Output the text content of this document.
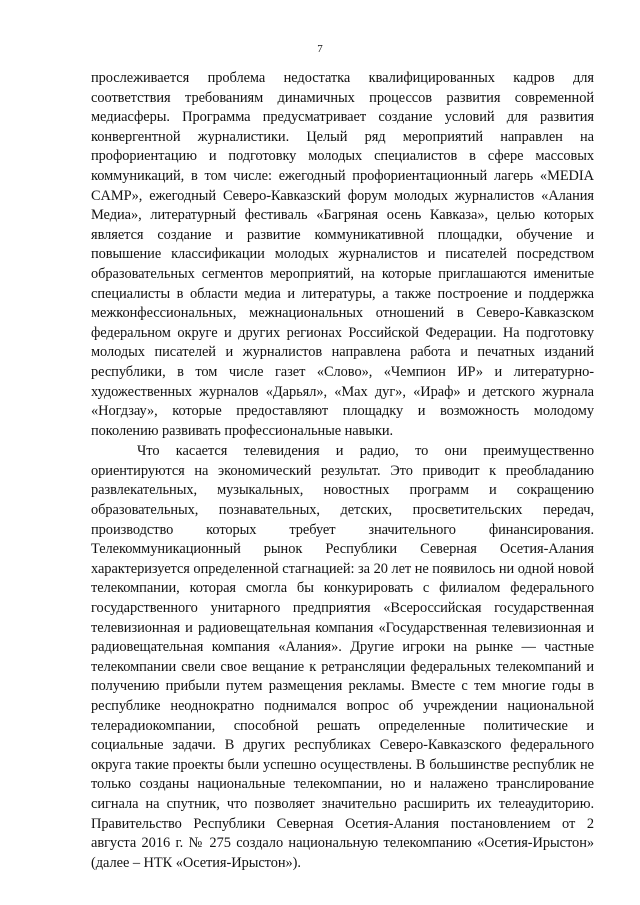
7

прослеживается проблема недостатка квалифицированных кадров для соответствия требованиям динамичных процессов развития современной медиасферы. Программа предусматривает создание условий для развития конвергентной журналистики. Целый ряд мероприятий направлен на профориентацию и подготовку молодых специалистов в сфере массовых коммуникаций, в том числе: ежегодный профориентационный лагерь «MEDIA CAMP», ежегодный Северо-Кавказский форум молодых журналистов «Алания Медиа», литературный фестиваль «Багряная осень Кавказа», целью которых является создание и развитие коммуникативной площадки, обучение и повышение классификации молодых журналистов и писателей посредством образовательных сегментов мероприятий, на которые приглашаются именитые специалисты в области медиа и литературы, а также построение и поддержка межконфессиональных, межнациональных отношений в Северо-Кавказском федеральном округе и других регионах Российской Федерации. На подготовку молодых писателей и журналистов направлена работа и печатных изданий республики, в том числе газет «Слово», «Чемпион ИР» и литературно-художественных журналов «Дарьял», «Мах дуг», «Ираф» и детского журнала «Ногдзау», которые предоставляют площадку и возможность молодому поколению развивать профессиональные навыки.

Что касается телевидения и радио, то они преимущественно ориентируются на экономический результат. Это приводит к преобладанию развлекательных, музыкальных, новостных программ и сокращению образовательных, познавательных, детских, просветительских передач, производство которых требует значительного финансирования. Телекоммуникационный рынок Республики Северная Осетия-Алания характеризуется определенной стагнацией: за 20 лет не появилось ни одной новой телекомпании, которая смогла бы конкурировать с филиалом федерального государственного унитарного предприятия «Всероссийская государственная телевизионная и радиовещательная компания «Государственная телевизионная и радиовещательная компания «Алания». Другие игроки на рынке — частные телекомпании свели свое вещание к ретрансляции федеральных телекомпаний и получению прибыли путем размещения рекламы. Вместе с тем многие годы в республике неоднократно поднимался вопрос об учреждении национальной телерадиокомпании, способной решать определенные политические и социальные задачи. В других республиках Северо-Кавказского федерального округа такие проекты были успешно осуществлены. В большинстве республик не только созданы национальные телекомпании, но и налажено транслирование сигнала на спутник, что позволяет значительно расширить их телеаудиторию. Правительство Республики Северная Осетия-Алания постановлением от 2 августа 2016 г. № 275 создало национальную телекомпанию «Осетия-Ирыстон» (далее – НТК «Осетия-Ирыстон»).
